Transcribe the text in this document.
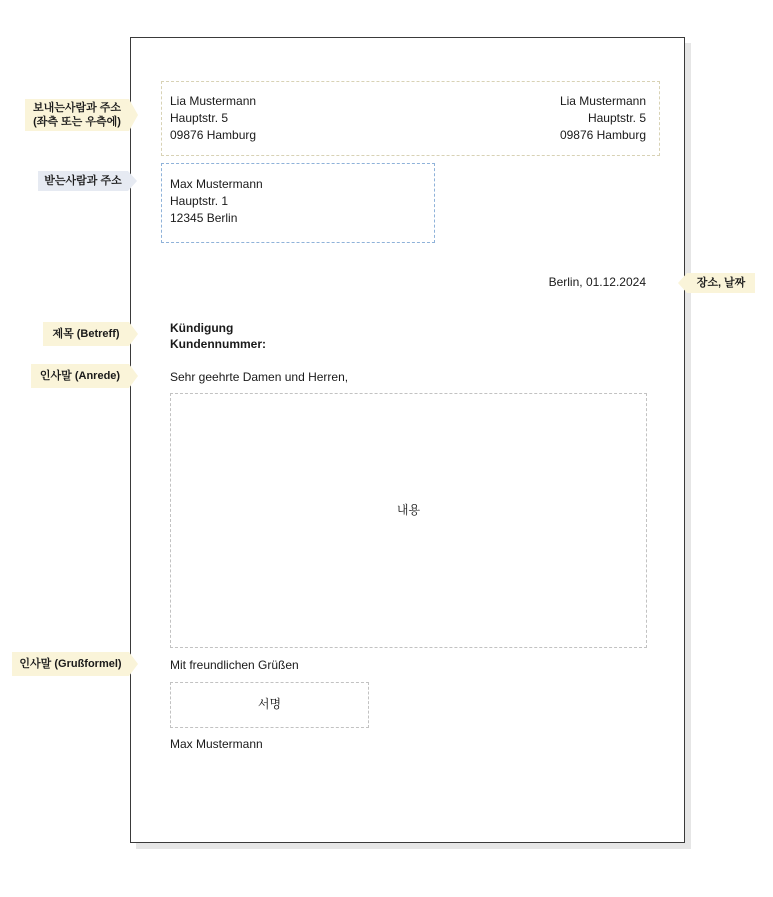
Lia Mustermann
Hauptstr. 5
09876 Hamburg
Lia Mustermann
Hauptstr. 5
09876 Hamburg
Max Mustermann
Hauptstr. 1
12345 Berlin
Berlin, 01.12.2024
Kündigung
Kundennummer:
Sehr geehrte Damen und Herren,
내용
Mit freundlichen Grüßen
서명
Max Mustermann
보내는사람과 주소
(좌측 또는 우측에)
받는사람과 주소
제목 (Betreff)
인사말 (Anrede)
인사말 (Grußformel)
장소, 날짜
